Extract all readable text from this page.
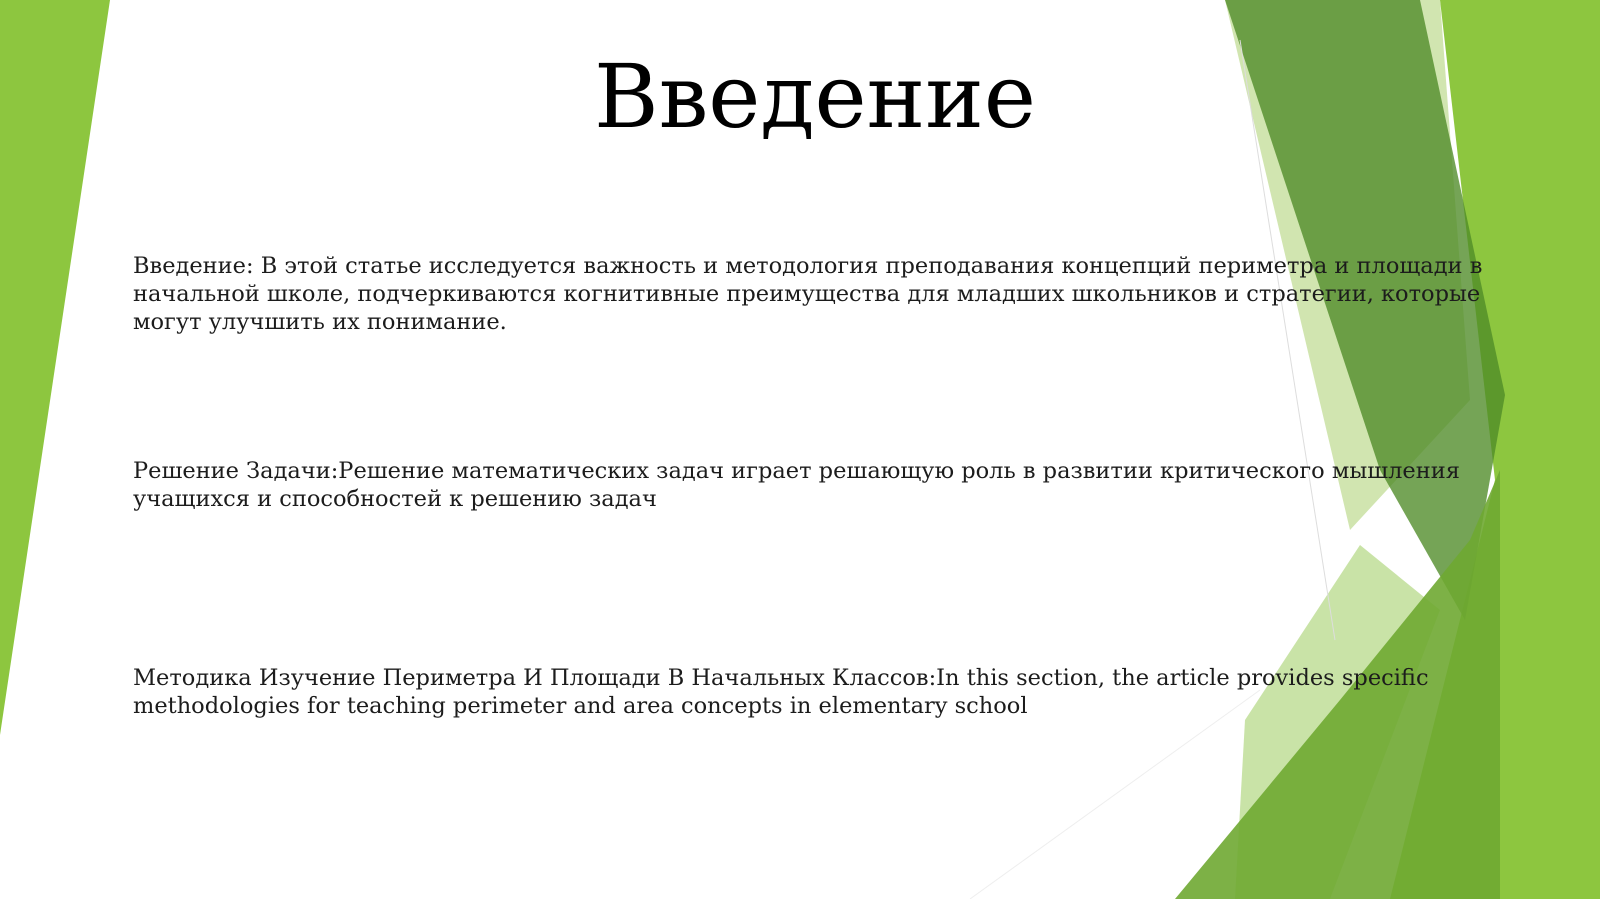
Введение

Введение: В этой статье исследуется важность и методология преподавания концепций периметра и площади в начальной школе, подчеркиваются когнитивные преимущества для младших школьников и стратегии, которые могут улучшить их понимание.

Решение Задачи:Решение математических задач играет решающую роль в развитии критического мышления учащихся и способностей к решению задач

Методика Изучение Периметра И Площади В Начальных Классов:In this section, the article provides specific methodologies for teaching perimeter and area concepts in elementary school
